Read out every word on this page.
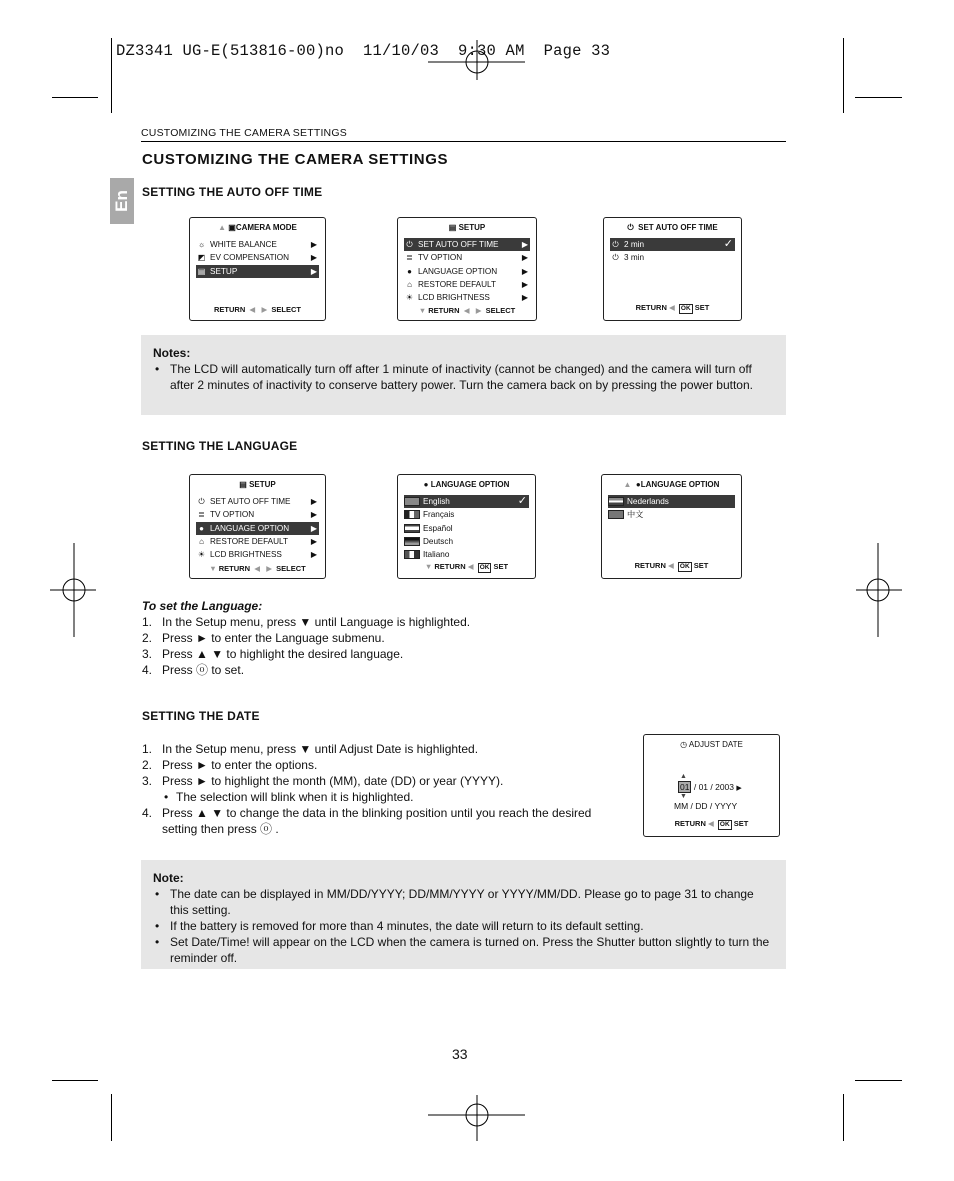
DZ3341 UG-E(513816-00)no  11/10/03  9:30 AM  Page 33
CUSTOMIZING THE CAMERA SETTINGS
CUSTOMIZING THE CAMERA SETTINGS
En SETTING THE AUTO OFF TIME
▲ ▣CAMERA MODE
☼ WHITE BALANCE	▶
◩ EV COMPENSATION	▶
▤ SETUP	▶
RETURN ◀   ▶ SELECT
▤ SETUP
⏻ SET AUTO OFF TIME	▶
≣ TV OPTION	▶
● LANGUAGE OPTION	▶
⌂ RESTORE DEFAULT	▶
☀ LCD BRIGHTNESS	▶
▼ RETURN ◀   ▶ SELECT
⏻ SET AUTO OFF TIME
⏻ 2 min	✓
⏻ 3 min
RETURN ◀ OK SET
Notes:
• The LCD will automatically turn off after 1 minute of inactivity (cannot be changed) and the camera will turn off after 2 minutes of inactivity to conserve battery power. Turn the camera back on by pressing the power button.
SETTING THE LANGUAGE
▤ SETUP
⏻ SET AUTO OFF TIME	▶
≣ TV OPTION	▶
● LANGUAGE OPTION	▶
⌂ RESTORE DEFAULT	▶
☀ LCD BRIGHTNESS	▶
▼ RETURN ◀   ▶ SELECT
● LANGUAGE OPTION
English	✓
Français
Español
Deutsch
Italiano
▼ RETURN ◀ OK SET
▲ ●LANGUAGE OPTION
Nederlands
中文
RETURN ◀ OK SET
To set the Language:
1. In the Setup menu, press ▼ until Language is highlighted.
2. Press ► to enter the Language submenu.
3. Press ▲ ▼ to highlight the desired language.
4. Press ⓞ to set.
SETTING THE DATE
1. In the Setup menu, press ▼ until Adjust Date is highlighted.
2. Press ► to enter the options.
3. Press ► to highlight the month (MM), date (DD) or year (YYYY).
• The selection will blink when it is highlighted.
4. Press ▲ ▼ to change the data in the blinking position until you reach the desired setting then press ⓞ .
◷ ADJUST DATE
▲
01 / 01 / 2003 ▶
▼
MM / DD / YYYY
RETURN ◀ OK SET
Note:
• The date can be displayed in MM/DD/YYYY; DD/MM/YYYY or YYYY/MM/DD. Please go to page 31 to change this setting.
• If the battery is removed for more than 4 minutes, the date will return to its default setting.
• Set Date/Time! will appear on the LCD when the camera is turned on. Press the Shutter button slightly to turn the reminder off.
33
